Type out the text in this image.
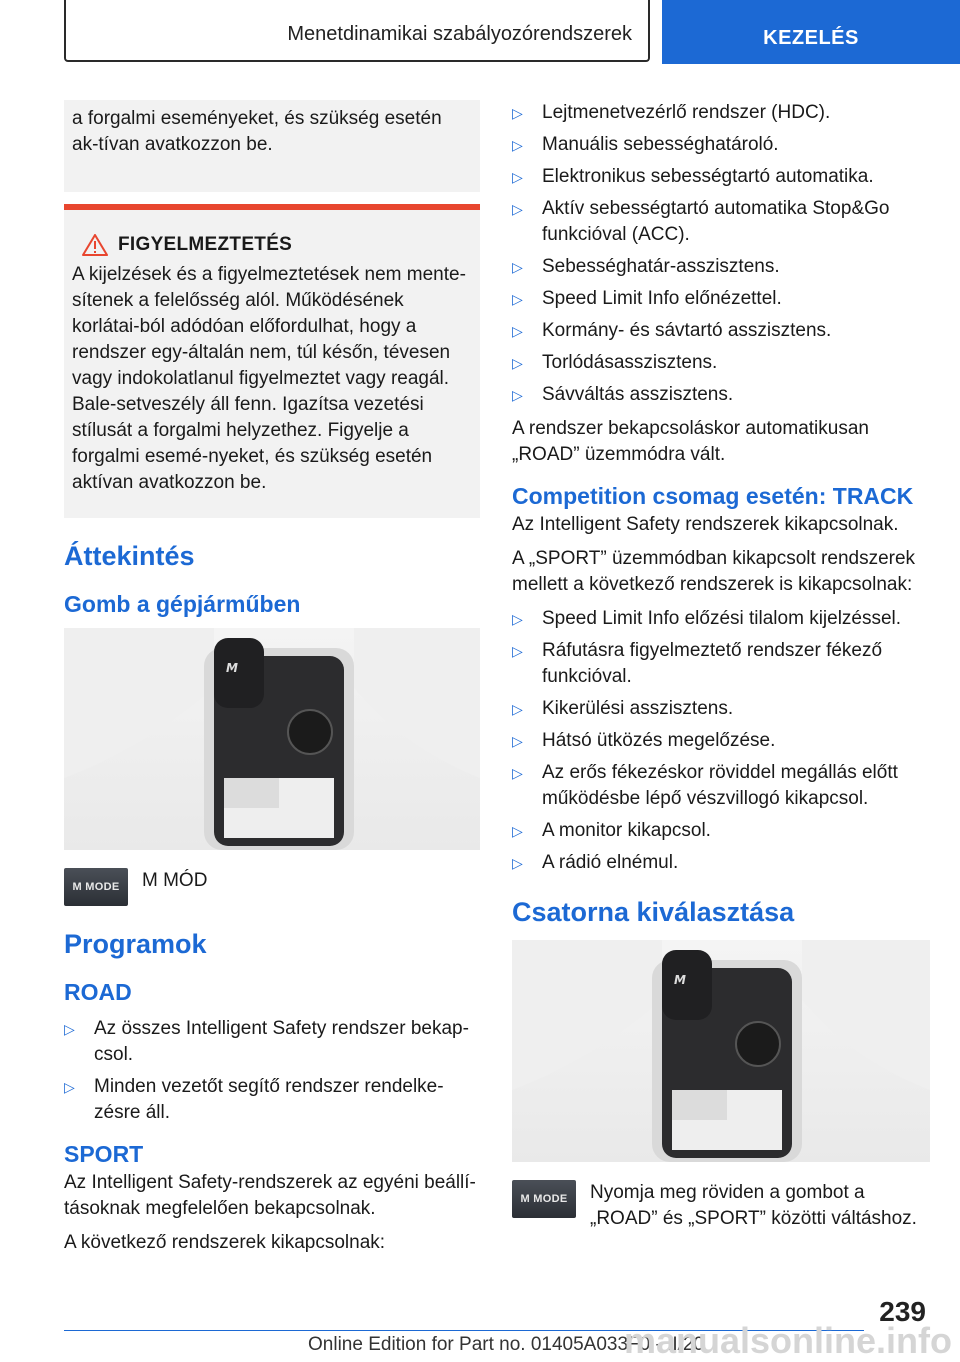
Menetdinamikai szabályozórendszerek	KEZELÉS
a forgalmi eseményeket, és szükség esetén ak-tívan avatkozzon be.
FIGYELMEZTETÉS

A kijelzések és a figyelmeztetések nem mente-sítenek a felelősség alól. Működésének korlátai-ból adódóan előfordulhat, hogy a rendszer egy-általán nem, túl későn, tévesen vagy indokolatlanul figyelmeztet vagy reagál. Bale-setveszély áll fenn. Igazítsa vezetési stílusát a forgalmi helyzethez. Figyelje a forgalmi esemé-nyeket, és szükség esetén aktívan avatkozzon be.

Áttekintés
Gomb a gépjárműben
M
M MODE M MÓD
Programok
ROAD
▷ Az összes Intelligent Safety rendszer bekap-csol.
▷ Minden vezetőt segítő rendszer rendelke-zésre áll.
SPORT

Az Intelligent Safety-rendszerek az egyéni beállí-tásoknak megfelelően bekapcsolnak.

A következő rendszerek kikapcsolnak:

▷ Lejtmenetvezérlő rendszer (HDC).
▷ Manuális sebességhatároló.
▷ Elektronikus sebességtartó automatika.
▷ Aktív sebességtartó automatika Stop&Go funkcióval (ACC).
▷ Sebességhatár-asszisztens.
▷ Speed Limit Info előnézettel.
▷ Kormány- és sávtartó asszisztens.
▷ Torlódásasszisztens.
▷ Sávváltás asszisztens.

A rendszer bekapcsoláskor automatikusan „ROAD” üzemmódra vált.

Competition csomag esetén: TRACK

Az Intelligent Safety rendszerek kikapcsolnak.

A „SPORT” üzemmódban kikapcsolt rendszerek mellett a következő rendszerek is kikapcsolnak:

▷ Speed Limit Info előzési tilalom kijelzéssel.
▷ Ráfutásra figyelmeztető rendszer fékező funkcióval.
▷ Kikerülési asszisztens.
▷ Hátsó ütközés megelőzése.
▷ Az erős fékezéskor röviddel megállás előtt működésbe lépő vészvillogó kikapcsol.
▷ A monitor kikapcsol.
▷ A rádió elnémul.
Csatorna kiválasztása
M
M MODE Nyomja meg röviden a gombot a „ROAD” és „SPORT” közötti váltáshoz.
239
Online Edition for Part no. 01405A033F0 - II/20
manualsonline.info
